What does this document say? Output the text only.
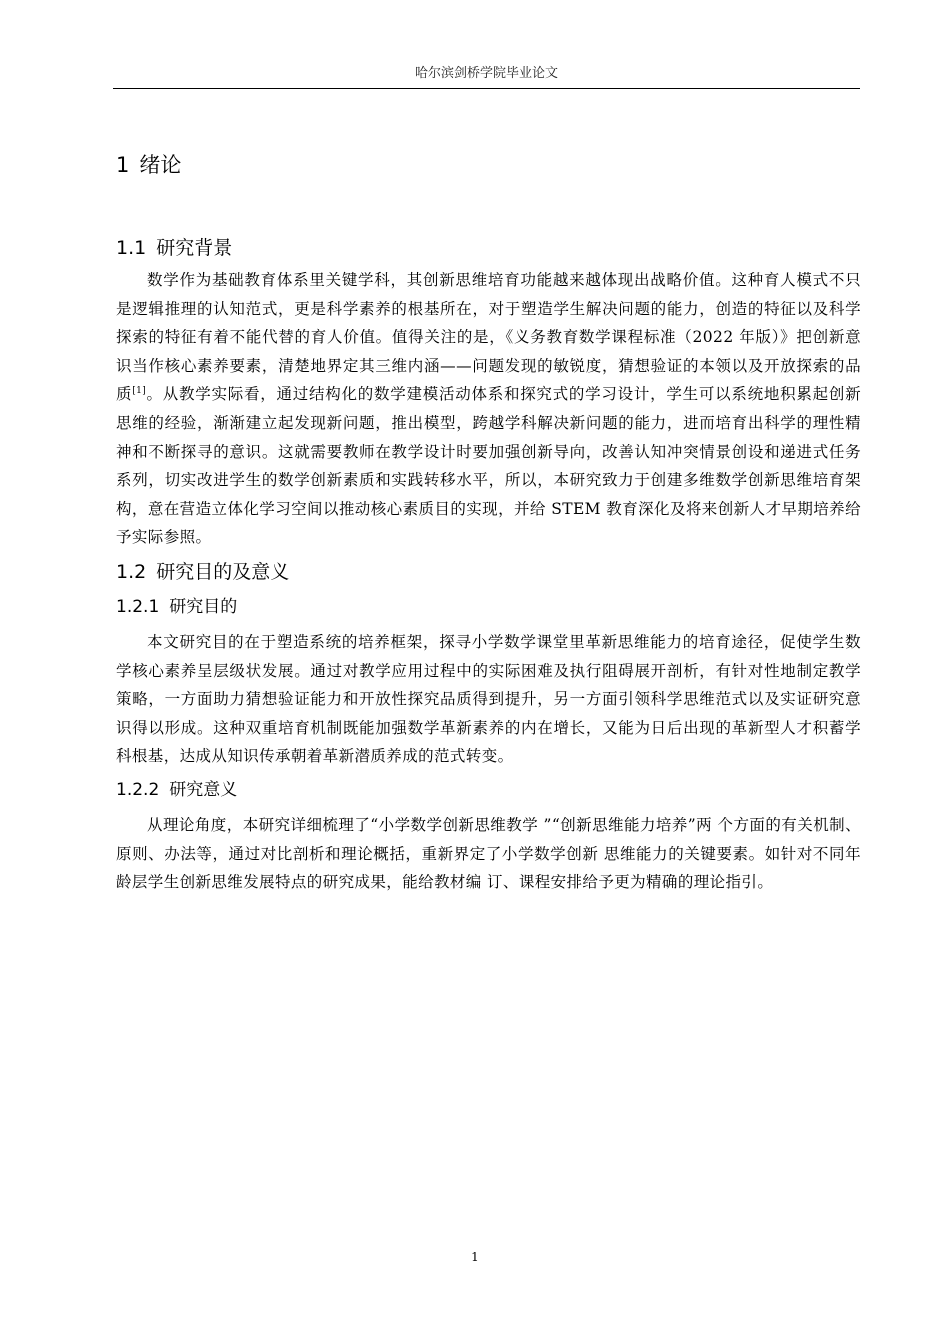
哈尔滨剑桥学院毕业论文
1 绪论
1.1 研究背景

数学作为基础教育体系里关键学科，其创新思维培育功能越来越体现出战略价值。这种育人模式不只是逻辑推理的认知范式，更是科学素养的根基所在，对于塑造学生解决问题的能力，创造的特征以及科学探索的特征有着不能代替的育人价值。值得关注的是，《义务教育数学课程标准（2022 年版）》把创新意识当作核心素养要素，清楚地界定其三维内涵——问题发现的敏锐度，猜想验证的本领以及开放探索的品质[1]。从教学实际看，通过结构化的数学建模活动体系和探究式的学习设计，学生可以系统地积累起创新思维的经验，渐渐建立起发现新问题，推出模型，跨越学科解决新问题的能力，进而培育出科学的理性精神和不断探寻的意识。这就需要教师在教学设计时要加强创新导向，改善认知冲突情景创设和递进式任务系列，切实改进学生的数学创新素质和实践转移水平，所以，本研究致力于创建多维数学创新思维培育架构，意在营造立体化学习空间以推动核心素质目的实现，并给 STEM 教育深化及将来创新人才早期培养给予实际参照。

1.2 研究目的及意义
1.2.1 研究目的

本文研究目的在于塑造系统的培养框架，探寻小学数学课堂里革新思维能力的培育途径，促使学生数学核心素养呈层级状发展。通过对教学应用过程中的实际困难及执行阻碍展开剖析，有针对性地制定教学策略，一方面助力猜想验证能力和开放性探究品质得到提升，另一方面引领科学思维范式以及实证研究意识得以形成。这种双重培育机制既能加强数学革新素养的内在增长，又能为日后出现的革新型人才积蓄学科根基，达成从知识传承朝着革新潜质养成的范式转变。

1.2.2 研究意义

从理论角度，本研究详细梳理了“小学数学创新思维教学 ”“创新思维能力培养”两 个方面的有关机制、原则、办法等，通过对比剖析和理论概括，重新界定了小学数学创新 思维能力的关键要素。如针对不同年龄层学生创新思维发展特点的研究成果，能给教材编 订、课程安排给予更为精确的理论指引。

1
